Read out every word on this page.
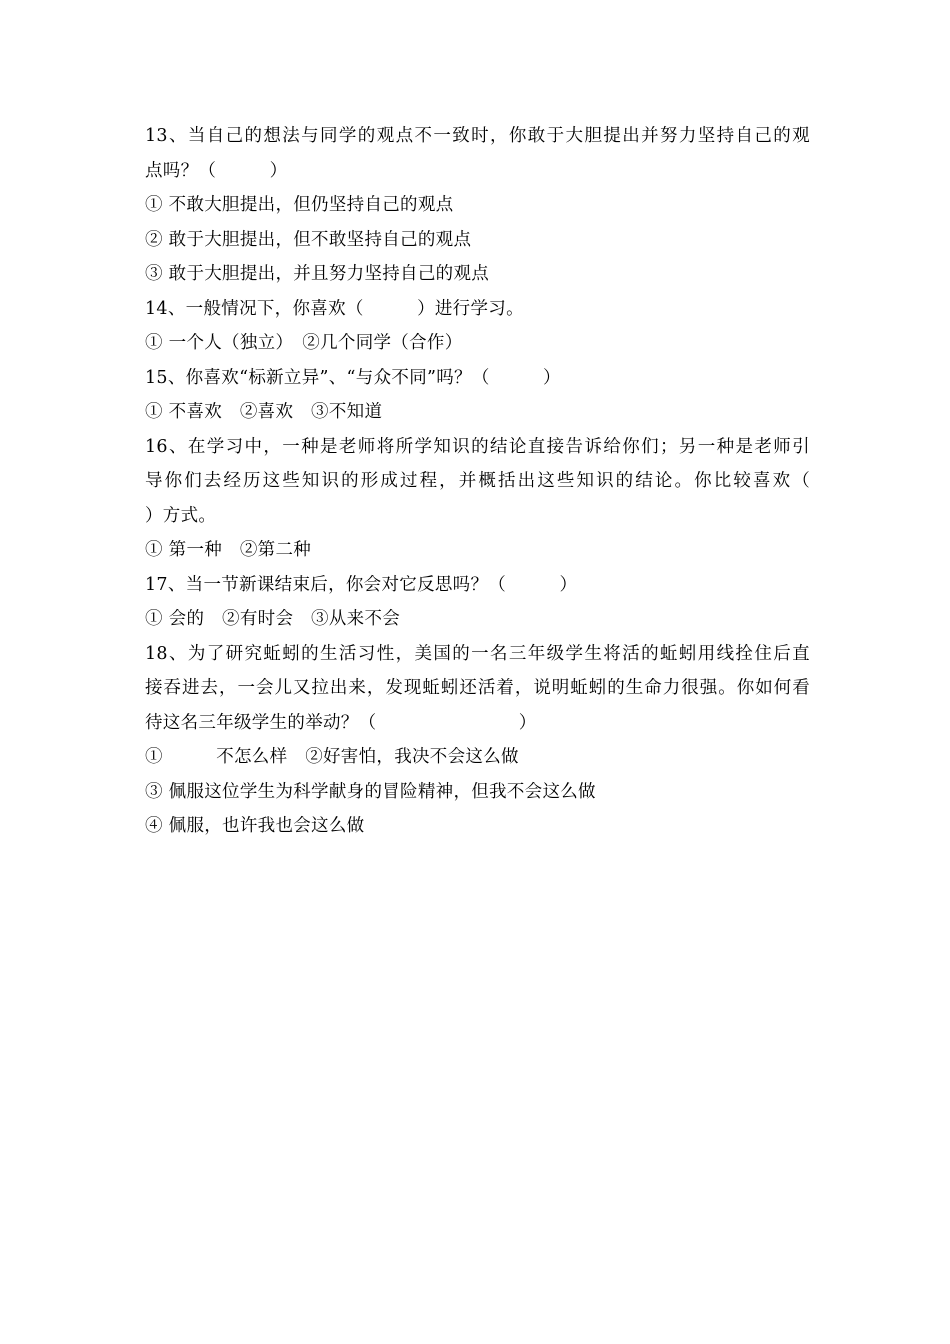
13、当自己的想法与同学的观点不一致时，你敢于大胆提出并努力坚持自己的观
点吗？（　　　）
① 不敢大胆提出，但仍坚持自己的观点
② 敢于大胆提出，但不敢坚持自己的观点
③ 敢于大胆提出，并且努力坚持自己的观点
14、一般情况下，你喜欢（　　　）进行学习。
① 一个人（独立）　②几个同学（合作）
15、你喜欢“标新立异”、“与众不同”吗？（　　　）
① 不喜欢　②喜欢　③不知道
16、在学习中，一种是老师将所学知识的结论直接告诉给你们；另一种是老师引
导你们去经历这些知识的形成过程，并概括出这些知识的结论。你比较喜欢（
）方式。
① 第一种　②第二种
17、当一节新课结束后，你会对它反思吗？（　　　）
① 会的　②有时会　③从来不会
18、为了研究蚯蚓的生活习性，美国的一名三年级学生将活的蚯蚓用线拴住后直
接吞进去，一会儿又拉出来，发现蚯蚓还活着，说明蚯蚓的生命力很强。你如何看
待这名三年级学生的举动？（　　　　　　　　）
①　　　不怎么样　②好害怕，我决不会这么做
③ 佩服这位学生为科学献身的冒险精神，但我不会这么做
④ 佩服，也许我也会这么做
